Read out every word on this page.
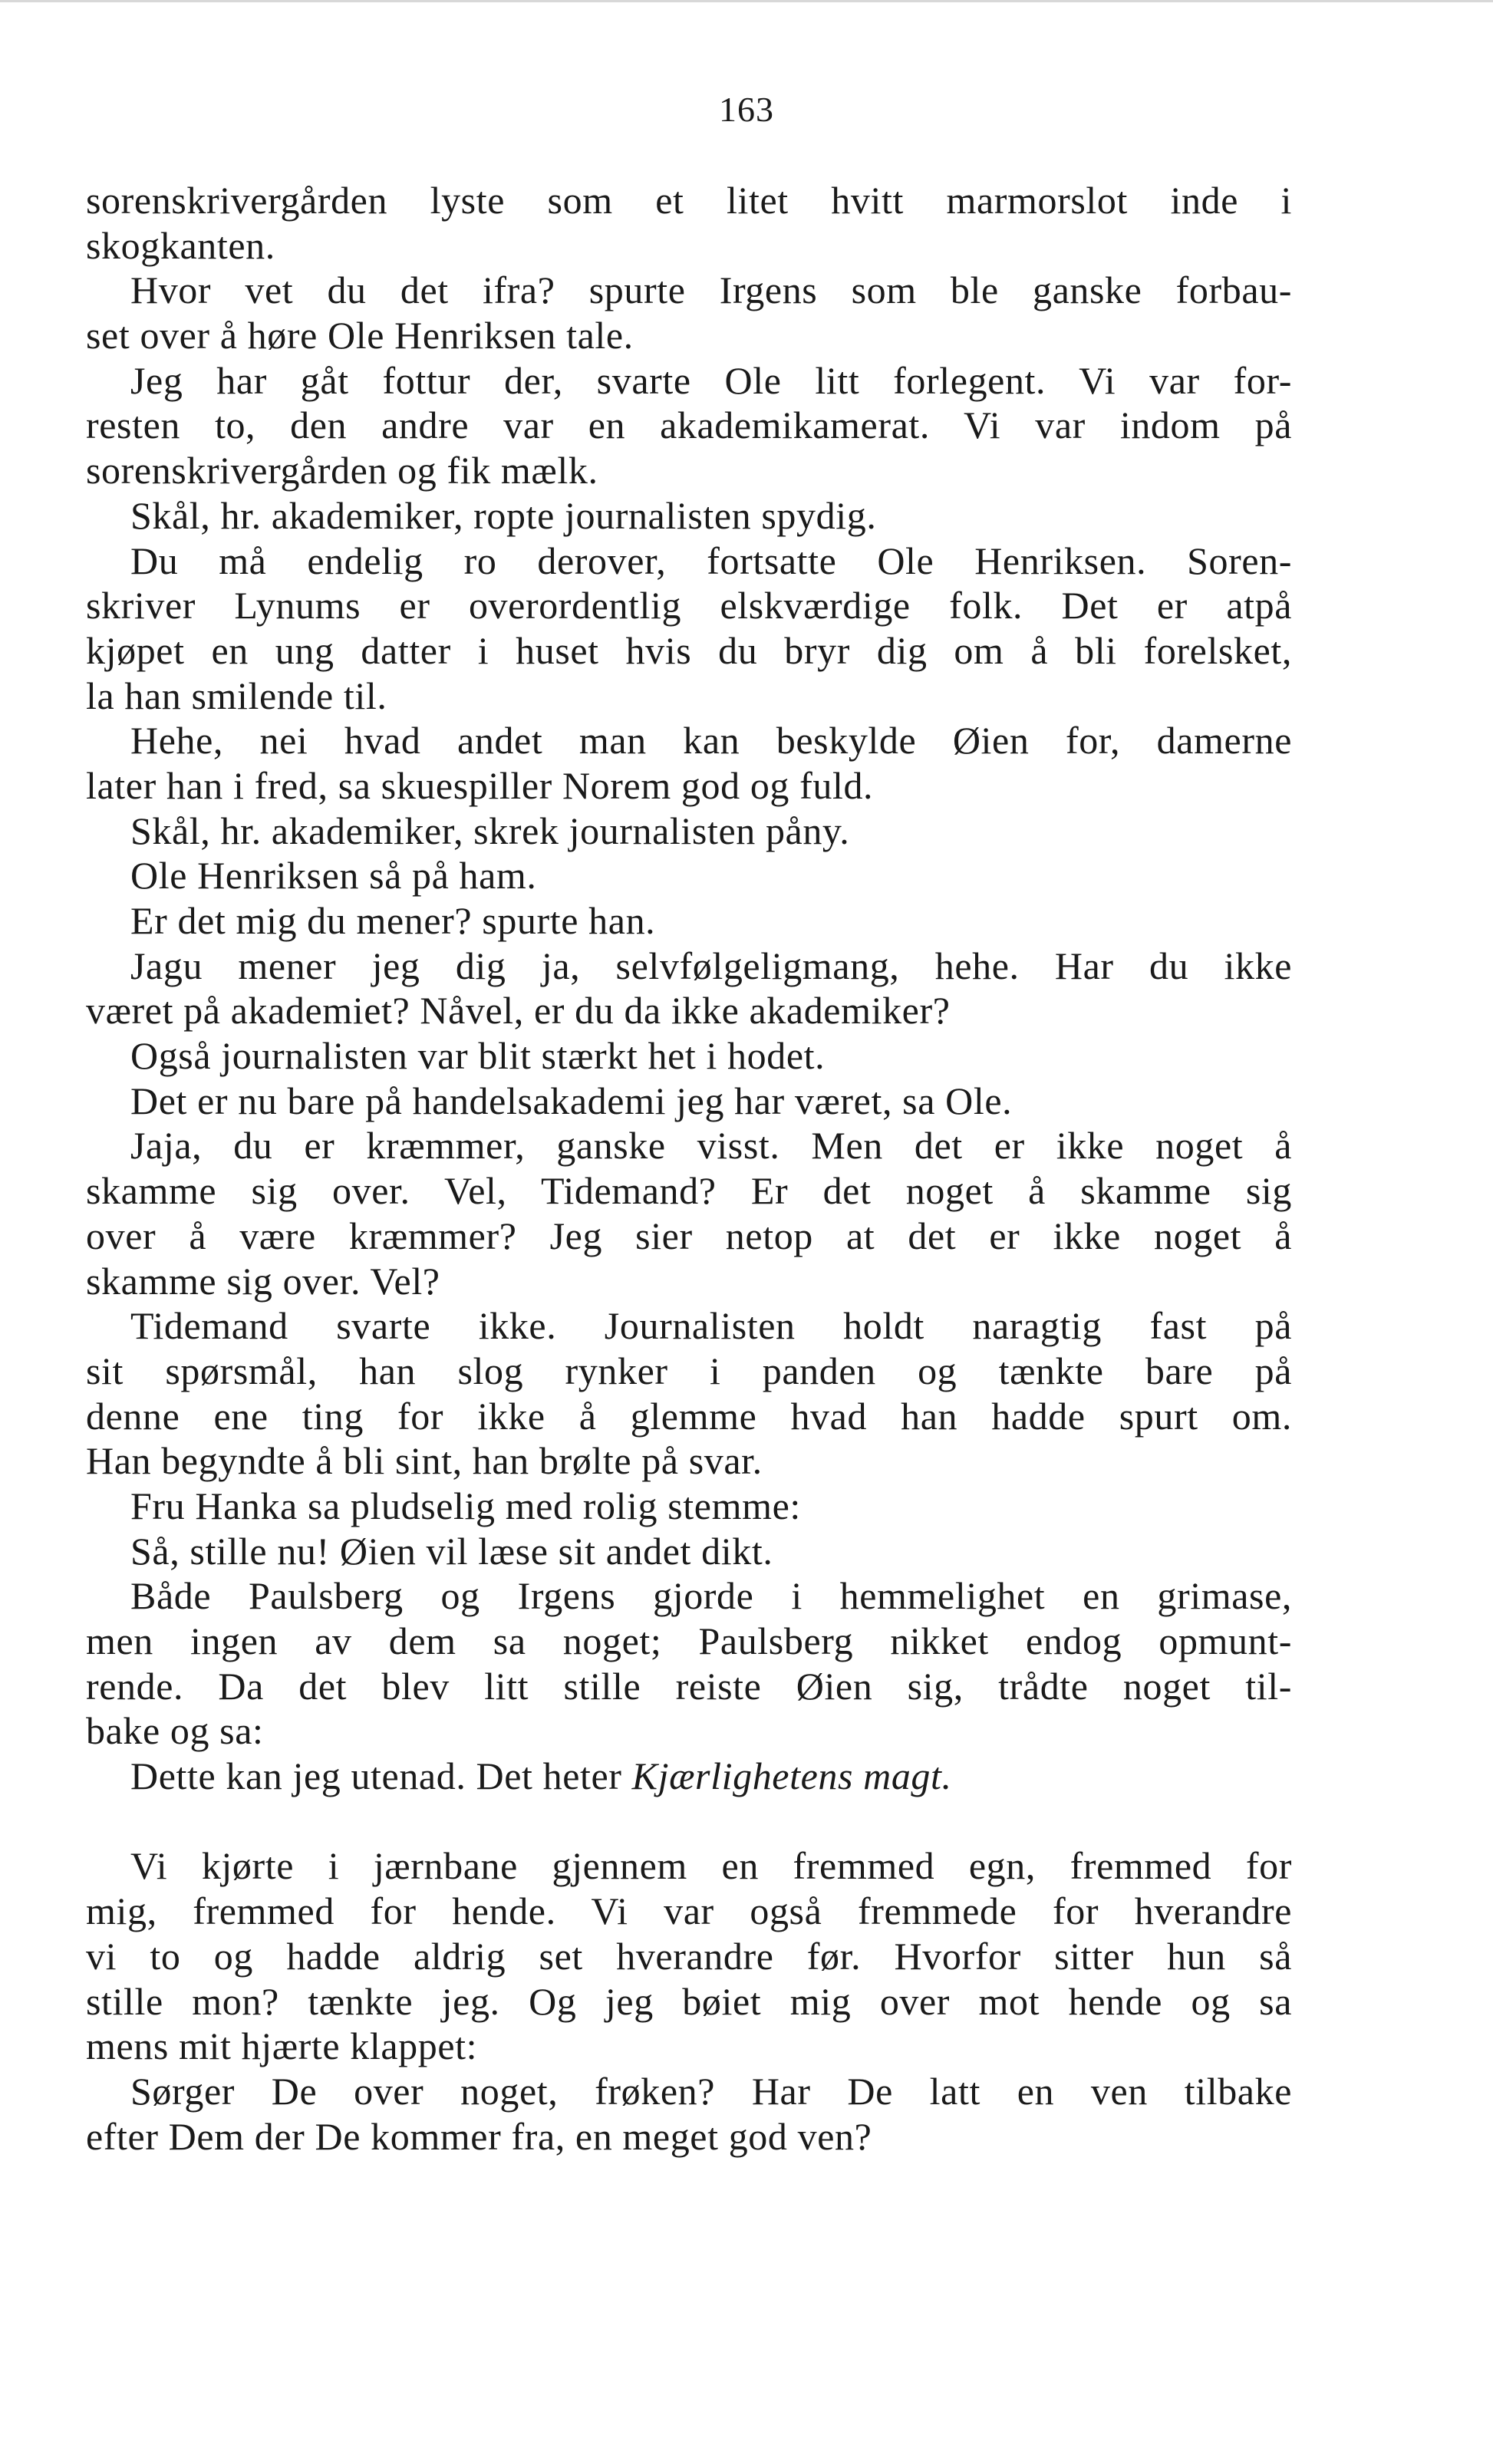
163
sorenskrivergården lyste som et litet hvitt marmorslot inde i
skogkanten.
Hvor vet du det ifra? spurte Irgens som ble ganske forbau-
set over å høre Ole Henriksen tale.
Jeg har gåt fottur der, svarte Ole litt forlegent. Vi var for-
resten to, den andre var en akademikamerat. Vi var indom på
sorenskrivergården og fik mælk.
Skål, hr. akademiker, ropte journalisten spydig.
Du må endelig ro derover, fortsatte Ole Henriksen. Soren-
skriver Lynums er overordentlig elskværdige folk. Det er atpå
kjøpet en ung datter i huset hvis du bryr dig om å bli forelsket,
la han smilende til.
Hehe, nei hvad andet man kan beskylde Øien for, damerne
later han i fred, sa skuespiller Norem god og fuld.
Skål, hr. akademiker, skrek journalisten påny.
Ole Henriksen så på ham.
Er det mig du mener? spurte han.
Jagu mener jeg dig ja, selvfølgeligmang, hehe. Har du ikke
været på akademiet? Nåvel, er du da ikke akademiker?
Også journalisten var blit stærkt het i hodet.
Det er nu bare på handelsakademi jeg har været, sa Ole.
Jaja, du er kræmmer, ganske visst. Men det er ikke noget å
skamme sig over. Vel, Tidemand? Er det noget å skamme sig
over å være kræmmer? Jeg sier netop at det er ikke noget å
skamme sig over. Vel?
Tidemand svarte ikke. Journalisten holdt naragtig fast på
sit spørsmål, han slog rynker i panden og tænkte bare på
denne ene ting for ikke å glemme hvad han hadde spurt om.
Han begyndte å bli sint, han brølte på svar.
Fru Hanka sa pludselig med rolig stemme:
Så, stille nu! Øien vil læse sit andet dikt.
Både Paulsberg og Irgens gjorde i hemmelighet en grimase,
men ingen av dem sa noget; Paulsberg nikket endog opmunt-
rende. Da det blev litt stille reiste Øien sig, trådte noget til-
bake og sa:
Dette kan jeg utenad. Det heter Kjærlighetens magt.
Vi kjørte i jærnbane gjennem en fremmed egn, fremmed for
mig, fremmed for hende. Vi var også fremmede for hverandre
vi to og hadde aldrig set hverandre før. Hvorfor sitter hun så
stille mon? tænkte jeg. Og jeg bøiet mig over mot hende og sa
mens mit hjærte klappet:
Sørger De over noget, frøken? Har De latt en ven tilbake
efter Dem der De kommer fra, en meget god ven?
